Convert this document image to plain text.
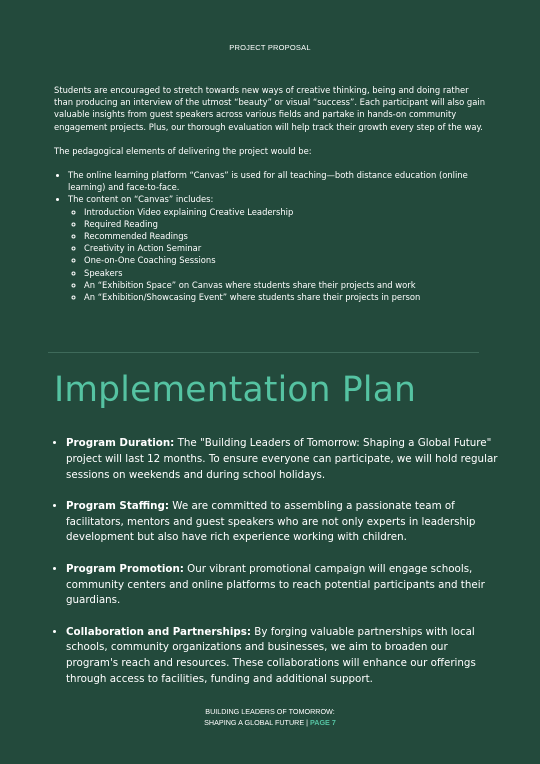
PROJECT PROPOSAL

Students are encouraged to stretch towards new ways of creative thinking, being and doing rather than producing an interview of the utmost “beauty” or visual “success”. Each participant will also gain valuable insights from guest speakers across various fields and partake in hands-on community engagement projects. Plus, our thorough evaluation will help track their growth every step of the way.

The pedagogical elements of delivering the project would be:

• The online learning platform “Canvas” is used for all teaching—both distance education (online learning) and face-to-face.
• The content on “Canvas” includes:
◦ Introduction Video explaining Creative Leadership
◦ Required Reading
◦ Recommended Readings
◦ Creativity in Action Seminar
◦ One-on-One Coaching Sessions
◦ Speakers
◦ An “Exhibition Space” on Canvas where students share their projects and work
◦ An “Exhibition/Showcasing Event” where students share their projects in person
Implementation Plan
• Program Duration: The "Building Leaders of Tomorrow: Shaping a Global Future" project will last 12 months. To ensure everyone can participate, we will hold regular sessions on weekends and during school holidays.
• Program Staffing: We are committed to assembling a passionate team of facilitators, mentors and guest speakers who are not only experts in leadership development but also have rich experience working with children.
• Program Promotion: Our vibrant promotional campaign will engage schools, community centers and online platforms to reach potential participants and their guardians.
• Collaboration and Partnerships: By forging valuable partnerships with local schools, community organizations and businesses, we aim to broaden our program's reach and resources. These collaborations will enhance our offerings through access to facilities, funding and additional support.
BUILDING LEADERS OF TOMORROW:
SHAPING A GLOBAL FUTURE | PAGE 7
